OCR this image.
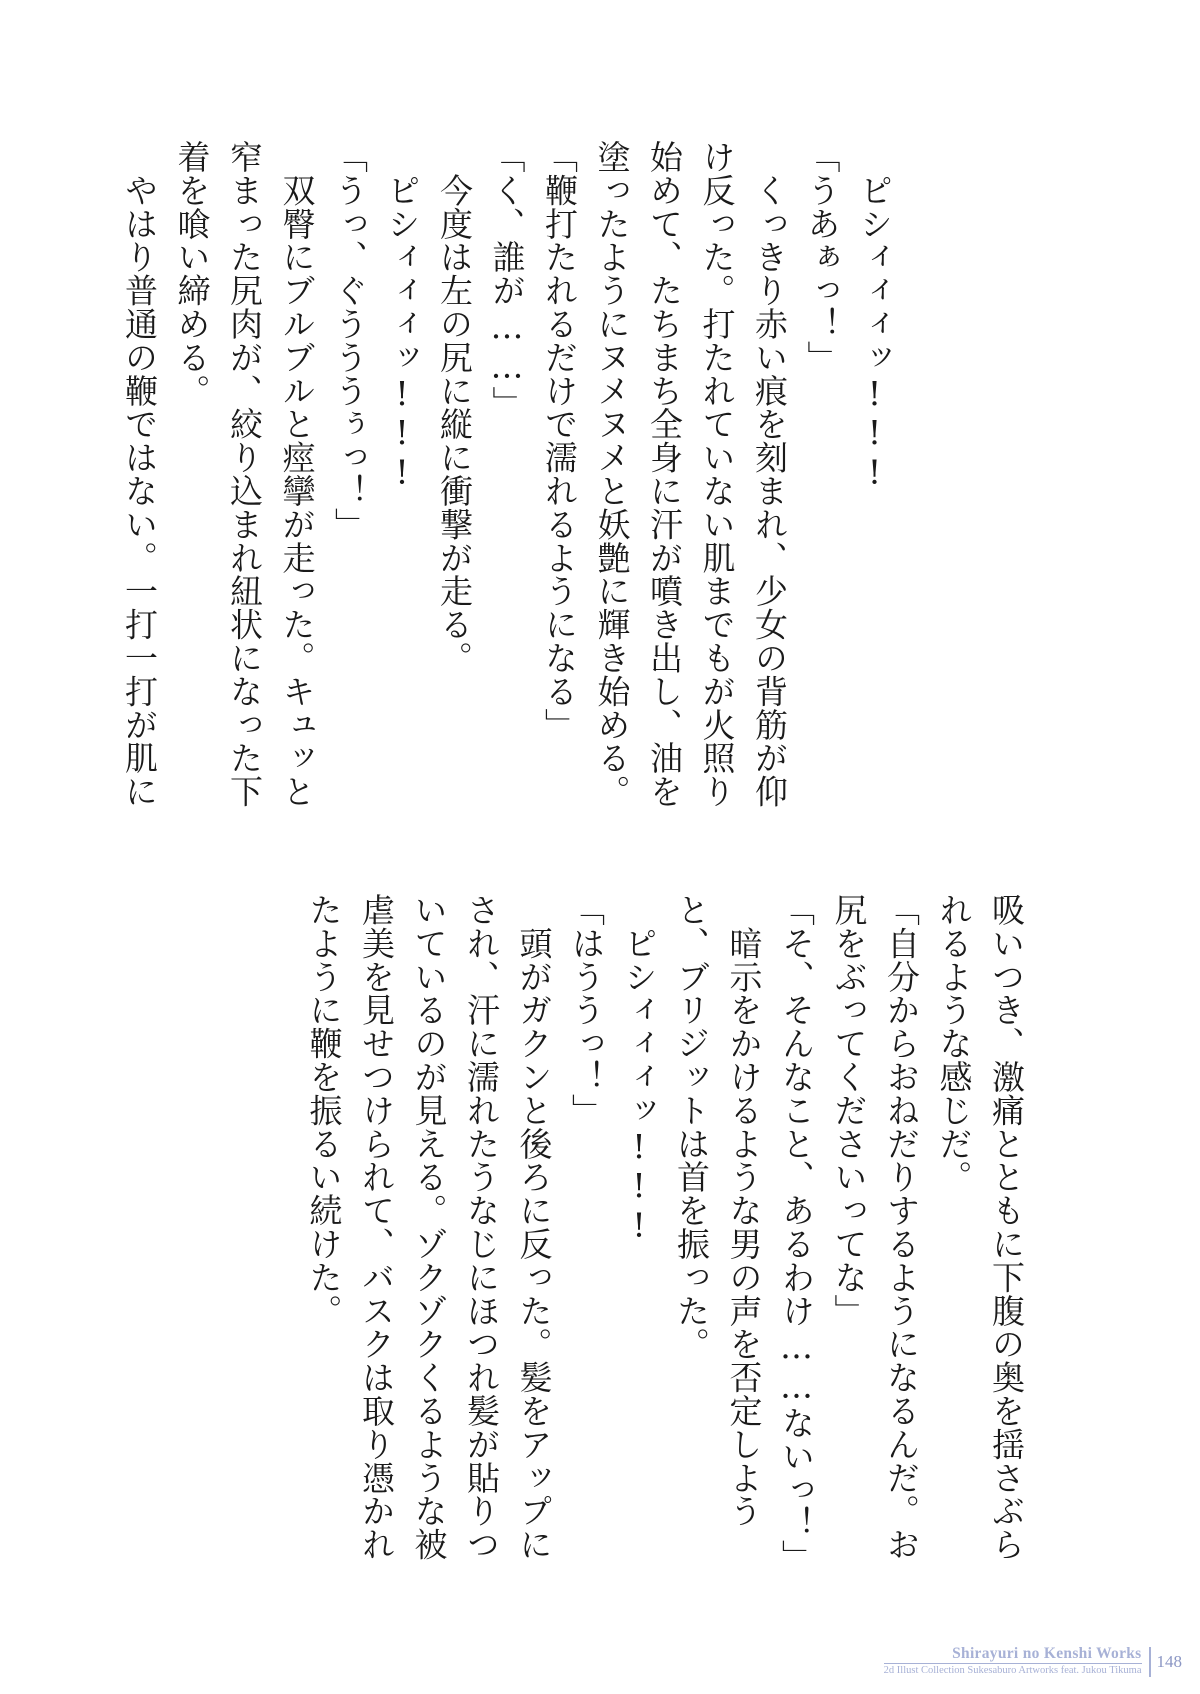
　ピシィィィッ!!!
「うあぁっ！」
　くっきり赤い痕を刻まれ、少女の背筋が仰
け反った。打たれていない肌までもが火照り
始めて、たちまち全身に汗が噴き出し、油を
塗ったようにヌメヌメと妖艶に輝き始める。
「鞭打たれるだけで濡れるようになる」
「く、誰が……」
　今度は左の尻に縦に衝撃が走る。
　ピシィィィッ!!!
「うっ、ぐうううぅっ！」
　双臀にブルブルと痙攣が走った。キュッと
窄まった尻肉が、絞り込まれ紐状になった下
着を喰い締める。
　やはり普通の鞭ではない。一打一打が肌に
吸いつき、激痛とともに下腹の奥を揺さぶら
れるような感じだ。
「自分からおねだりするようになるんだ。お
尻をぶってくださいってな」
「そ、そんなこと、あるわけ……ないっ！」
　暗示をかけるような男の声を否定しよう
と、ブリジットは首を振った。
　ピシィィィッ!!!
「はううっ！」
　頭がガクンと後ろに反った。髪をアップに
され、汗に濡れたうなじにほつれ髪が貼りつ
いているのが見える。ゾクゾクくるような被
虐美を見せつけられて、バスクは取り憑かれ
たように鞭を振るい続けた。
Shirayuri no Kenshi Works
2d Illust Collection Sukesaburo Artworks feat. Jukou Tikuma 148
